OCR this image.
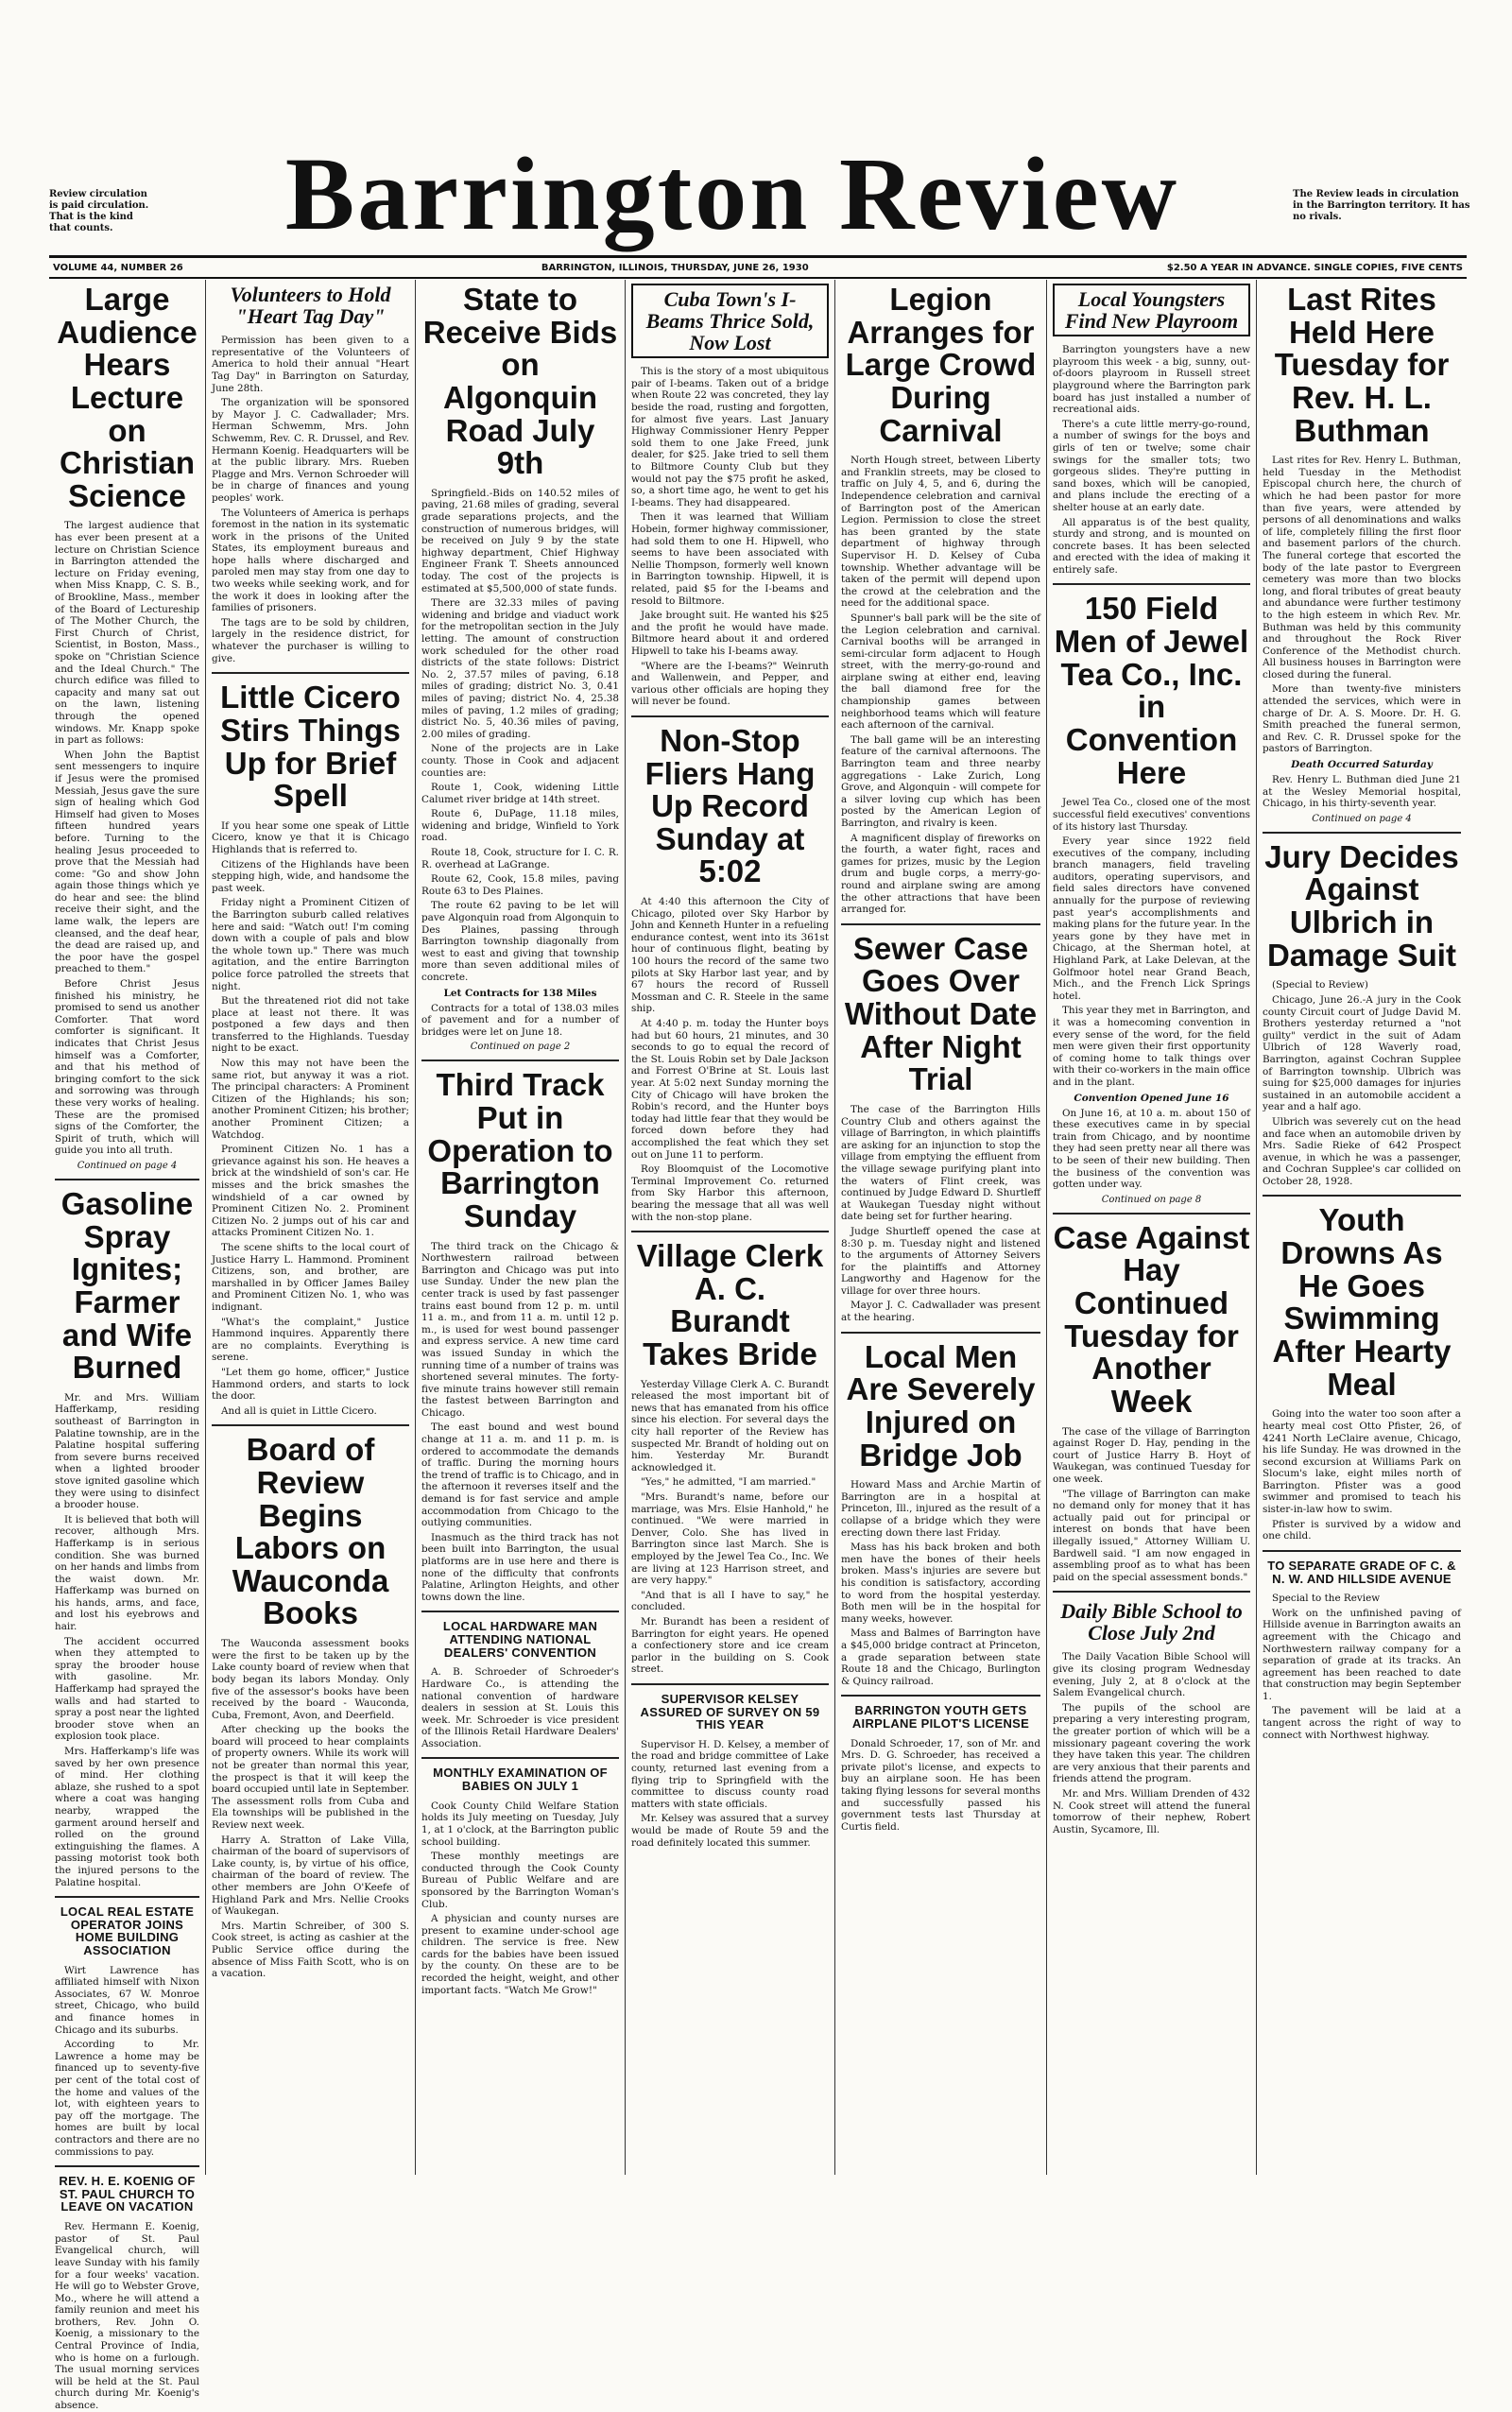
Review circulation is paid circulation. That is the kind that counts.	Barrington Review	The Review leads in circulation in the Barrington territory. It has no rivals.
VOLUME 44, NUMBER 26	BARRINGTON, ILLINOIS, THURSDAY, JUNE 26, 1930	$2.50 A YEAR IN ADVANCE. SINGLE COPIES, FIVE CENTS
Large Audience Hears Lecture on Christian Science

The largest audience that has ever been present at a lecture on Christian Science in Barrington attended the lecture on Friday evening, when Miss Knapp, C. S. B., of Brookline, Mass., member of the Board of Lectureship of The Mother Church, the First Church of Christ, Scientist, in Boston, Mass., spoke on "Christian Science and the Ideal Church." The church edifice was filled to capacity and many sat out on the lawn, listening through the opened windows. Mr. Knapp spoke in part as follows:

When John the Baptist sent messengers to inquire if Jesus were the promised Messiah, Jesus gave the sure sign of healing which God Himself had given to Moses fifteen hundred years before. Turning to the healing Jesus proceeded to prove that the Messiah had come: "Go and show John again those things which ye do hear and see: the blind receive their sight, and the lame walk, the lepers are cleansed, and the deaf hear, the dead are raised up, and the poor have the gospel preached to them."

Before Christ Jesus finished his ministry, he promised to send us another Comforter. That word comforter is significant. It indicates that Christ Jesus himself was a Comforter, and that his method of bringing comfort to the sick and sorrowing was through these very works of healing. These are the promised signs of the Comforter, the Spirit of truth, which will guide you into all truth.

Continued on page 4
Gasoline Spray Ignites; Farmer and Wife Burned

Mr. and Mrs. William Hafferkamp, residing southeast of Barrington in Palatine township, are in the Palatine hospital suffering from severe burns received when a lighted brooder stove ignited gasoline which they were using to disinfect a brooder house.

It is believed that both will recover, although Mrs. Hafferkamp is in serious condition. She was burned on her hands and limbs from the waist down. Mr. Hafferkamp was burned on his hands, arms, and face, and lost his eyebrows and hair.

The accident occurred when they attempted to spray the brooder house with gasoline. Mr. Hafferkamp had sprayed the walls and had started to spray a post near the lighted brooder stove when an explosion took place.

Mrs. Hafferkamp's life was saved by her own presence of mind. Her clothing ablaze, she rushed to a spot where a coat was hanging nearby, wrapped the garment around herself and rolled on the ground extinguishing the flames. A passing motorist took both the injured persons to the Palatine hospital.

LOCAL REAL ESTATE OPERATOR JOINS HOME BUILDING ASSOCIATION

Wirt Lawrence has affiliated himself with Nixon Associates, 67 W. Monroe street, Chicago, who build and finance homes in Chicago and its suburbs.

According to Mr. Lawrence a home may be financed up to seventy-five per cent of the total cost of the home and values of the lot, with eighteen years to pay off the mortgage. The homes are built by local contractors and there are no commissions to pay.

REV. H. E. KOENIG OF ST. PAUL CHURCH TO LEAVE ON VACATION

Rev. Hermann E. Koenig, pastor of St. Paul Evangelical church, will leave Sunday with his family for a four weeks' vacation. He will go to Webster Grove, Mo., where he will attend a family reunion and meet his brothers, Rev. John O. Koenig, a missionary to the Central Province of India, who is home on a furlough. The usual morning services will be held at the St. Paul church during Mr. Koenig's absence.

Volunteers to Hold "Heart Tag Day"

Permission has been given to a representative of the Volunteers of America to hold their annual "Heart Tag Day" in Barrington on Saturday, June 28th.

The organization will be sponsored by Mayor J. C. Cadwallader; Mrs. Herman Schwemm, Mrs. John Schwemm, Rev. C. R. Drussel, and Rev. Hermann Koenig. Headquarters will be at the public library. Mrs. Rueben Plagge and Mrs. Vernon Schroeder will be in charge of finances and young peoples' work.

The Volunteers of America is perhaps foremost in the nation in its systematic work in the prisons of the United States, its employment bureaus and hope halls where discharged and paroled men may stay from one day to two weeks while seeking work, and for the work it does in looking after the families of prisoners.

The tags are to be sold by children, largely in the residence district, for whatever the purchaser is willing to give.

Little Cicero Stirs Things Up for Brief Spell

If you hear some one speak of Little Cicero, know ye that it is Chicago Highlands that is referred to.

Citizens of the Highlands have been stepping high, wide, and handsome the past week.

Friday night a Prominent Citizen of the Barrington suburb called relatives here and said: "Watch out! I'm coming down with a couple of pals and blow the whole town up." There was much agitation, and the entire Barrington police force patrolled the streets that night.

But the threatened riot did not take place at least not there. It was postponed a few days and then transferred to the Highlands. Tuesday night to be exact.

Now this may not have been the same riot, but anyway it was a riot. The principal characters: A Prominent Citizen of the Highlands; his son; another Prominent Citizen; his brother; another Prominent Citizen; a Watchdog.

Prominent Citizen No. 1 has a grievance against his son. He heaves a brick at the windshield of son's car. He misses and the brick smashes the windshield of a car owned by Prominent Citizen No. 2. Prominent Citizen No. 2 jumps out of his car and attacks Prominent Citizen No. 1.

The scene shifts to the local court of Justice Harry L. Hammond. Prominent Citizens, son, and brother, are marshalled in by Officer James Bailey and Prominent Citizen No. 1, who was indignant.

"What's the complaint," Justice Hammond inquires. Apparently there are no complaints. Everything is serene.

"Let them go home, officer," Justice Hammond orders, and starts to lock the door.

And all is quiet in Little Cicero.

Board of Review Begins Labors on Wauconda Books

The Wauconda assessment books were the first to be taken up by the Lake county board of review when that body began its labors Monday. Only five of the assessor's books have been received by the board - Wauconda, Cuba, Fremont, Avon, and Deerfield.

After checking up the books the board will proceed to hear complaints of property owners. While its work will not be greater than normal this year, the prospect is that it will keep the board occupied until late in September. The assessment rolls from Cuba and Ela townships will be published in the Review next week.

Harry A. Stratton of Lake Villa, chairman of the board of supervisors of Lake county, is, by virtue of his office, chairman of the board of review. The other members are John O'Keefe of Highland Park and Mrs. Nellie Crooks of Waukegan.

Mrs. Martin Schreiber, of 300 S. Cook street, is acting as cashier at the Public Service office during the absence of Miss Faith Scott, who is on a vacation.

State to Receive Bids on Algonquin Road July 9th

Springfield.-Bids on 140.52 miles of paving, 21.68 miles of grading, several grade separations projects, and the construction of numerous bridges, will be received on July 9 by the state highway department, Chief Highway Engineer Frank T. Sheets announced today. The cost of the projects is estimated at $5,500,000 of state funds.

There are 32.33 miles of paving widening and bridge and viaduct work for the metropolitan section in the July letting. The amount of construction work scheduled for the other road districts of the state follows: District No. 2, 37.57 miles of paving, 6.18 miles of grading; district No. 3, 0.41 miles of paving; district No. 4, 25.38 miles of paving, 1.2 miles of grading; district No. 5, 40.36 miles of paving, 2.00 miles of grading.

None of the projects are in Lake county. Those in Cook and adjacent counties are:

Route 1, Cook, widening Little Calumet river bridge at 14th street.

Route 6, DuPage, 11.18 miles, widening and bridge, Winfield to York road.

Route 18, Cook, structure for I. C. R. R. overhead at LaGrange.

Route 62, Cook, 15.8 miles, paving Route 63 to Des Plaines.

The route 62 paving to be let will pave Algonquin road from Algonquin to Des Plaines, passing through Barrington township diagonally from west to east and giving that township more than seven additional miles of concrete.

Let Contracts for 138 Miles

Contracts for a total of 138.03 miles of pavement and for a number of bridges were let on June 18.

Continued on page 2
Third Track Put in Operation to Barrington Sunday

The third track on the Chicago & Northwestern railroad between Barrington and Chicago was put into use Sunday. Under the new plan the center track is used by fast passenger trains east bound from 12 p. m. until 11 a. m., and from 11 a. m. until 12 p. m., is used for west bound passenger and express service. A new time card was issued Sunday in which the running time of a number of trains was shortened several minutes. The forty-five minute trains however still remain the fastest between Barrington and Chicago.

The east bound and west bound change at 11 a. m. and 11 p. m. is ordered to accommodate the demands of traffic. During the morning hours the trend of traffic is to Chicago, and in the afternoon it reverses itself and the demand is for fast service and ample accommodation from Chicago to the outlying communities.

Inasmuch as the third track has not been built into Barrington, the usual platforms are in use here and there is none of the difficulty that confronts Palatine, Arlington Heights, and other towns down the line.

LOCAL HARDWARE MAN ATTENDING NATIONAL DEALERS' CONVENTION

A. B. Schroeder of Schroeder's Hardware Co., is attending the national convention of hardware dealers in session at St. Louis this week. Mr. Schroeder is vice president of the Illinois Retail Hardware Dealers' Association.

MONTHLY EXAMINATION OF BABIES ON JULY 1

Cook County Child Welfare Station holds its July meeting on Tuesday, July 1, at 1 o'clock, at the Barrington public school building.

These monthly meetings are conducted through the Cook County Bureau of Public Welfare and are sponsored by the Barrington Woman's Club.

A physician and county nurses are present to examine under-school age children. The service is free. New cards for the babies have been issued by the county. On these are to be recorded the height, weight, and other important facts. "Watch Me Grow!"

Cuba Town's I-Beams Thrice Sold, Now Lost

This is the story of a most ubiquitous pair of I-beams. Taken out of a bridge when Route 22 was concreted, they lay beside the road, rusting and forgotten, for almost five years. Last January Highway Commissioner Henry Pepper sold them to one Jake Freed, junk dealer, for $25. Jake tried to sell them to Biltmore County Club but they would not pay the $75 profit he asked, so, a short time ago, he went to get his I-beams. They had disappeared.

Then it was learned that William Hobein, former highway commissioner, had sold them to one H. Hipwell, who seems to have been associated with Nellie Thompson, formerly well known in Barrington township. Hipwell, it is related, paid $5 for the I-beams and resold to Biltmore.

Jake brought suit. He wanted his $25 and the profit he would have made. Biltmore heard about it and ordered Hipwell to take his I-beams away.

"Where are the I-beams?" Weinruth and Wallenwein, and Pepper, and various other officials are hoping they will never be found.

Non-Stop Fliers Hang Up Record Sunday at 5:02

At 4:40 this afternoon the City of Chicago, piloted over Sky Harbor by John and Kenneth Hunter in a refueling endurance contest, went into its 361st hour of continuous flight, beating by 100 hours the record of the same two pilots at Sky Harbor last year, and by 67 hours the record of Russell Mossman and C. R. Steele in the same ship.

At 4:40 p. m. today the Hunter boys had but 60 hours, 21 minutes, and 30 seconds to go to equal the record of the St. Louis Robin set by Dale Jackson and Forrest O'Brine at St. Louis last year. At 5:02 next Sunday morning the City of Chicago will have broken the Robin's record, and the Hunter boys today had little fear that they would be forced down before they had accomplished the feat which they set out on June 11 to perform.

Roy Bloomquist of the Locomotive Terminal Improvement Co. returned from Sky Harbor this afternoon, bearing the message that all was well with the non-stop plane.

Village Clerk A. C. Burandt Takes Bride

Yesterday Village Clerk A. C. Burandt released the most important bit of news that has emanated from his office since his election. For several days the city hall reporter of the Review has suspected Mr. Brandt of holding out on him. Yesterday Mr. Burandt acknowledged it.

"Yes," he admitted, "I am married."

"Mrs. Burandt's name, before our marriage, was Mrs. Elsie Hanhold," he continued. "We were married in Denver, Colo. She has lived in Barrington since last March. She is employed by the Jewel Tea Co., Inc. We are living at 123 Harrison street, and are very happy."

"And that is all I have to say," he concluded.

Mr. Burandt has been a resident of Barrington for eight years. He opened a confectionery store and ice cream parlor in the building on S. Cook street.

SUPERVISOR KELSEY ASSURED OF SURVEY ON 59 THIS YEAR

Supervisor H. D. Kelsey, a member of the road and bridge committee of Lake county, returned last evening from a flying trip to Springfield with the committee to discuss county road matters with state officials.

Mr. Kelsey was assured that a survey would be made of Route 59 and the road definitely located this summer.

Legion Arranges for Large Crowd During Carnival

North Hough street, between Liberty and Franklin streets, may be closed to traffic on July 4, 5, and 6, during the Independence celebration and carnival of Barrington post of the American Legion. Permission to close the street has been granted by the state department of highway through Supervisor H. D. Kelsey of Cuba township. Whether advantage will be taken of the permit will depend upon the crowd at the celebration and the need for the additional space.

Spunner's ball park will be the site of the Legion celebration and carnival. Carnival booths will be arranged in semi-circular form adjacent to Hough street, with the merry-go-round and airplane swing at either end, leaving the ball diamond free for the championship games between neighborhood teams which will feature each afternoon of the carnival.

The ball game will be an interesting feature of the carnival afternoons. The Barrington team and three nearby aggregations - Lake Zurich, Long Grove, and Algonquin - will compete for a silver loving cup which has been posted by the American Legion of Barrington, and rivalry is keen.

A magnificent display of fireworks on the fourth, a water fight, races and games for prizes, music by the Legion drum and bugle corps, a merry-go-round and airplane swing are among the other attractions that have been arranged for.

Sewer Case Goes Over Without Date After Night Trial

The case of the Barrington Hills Country Club and others against the village of Barrington, in which plaintiffs are asking for an injunction to stop the village from emptying the effluent from the village sewage purifying plant into the waters of Flint creek, was continued by Judge Edward D. Shurtleff at Waukegan Tuesday night without date being set for further hearing.

Judge Shurtleff opened the case at 8:30 p. m. Tuesday night and listened to the arguments of Attorney Seivers for the plaintiffs and Attorney Langworthy and Hagenow for the village for over three hours.

Mayor J. C. Cadwallader was present at the hearing.

Local Men Are Severely Injured on Bridge Job

Howard Mass and Archie Martin of Barrington are in a hospital at Princeton, Ill., injured as the result of a collapse of a bridge which they were erecting down there last Friday.

Mass has his back broken and both men have the bones of their heels broken. Mass's injuries are severe but his condition is satisfactory, according to word from the hospital yesterday. Both men will be in the hospital for many weeks, however.

Mass and Balmes of Barrington have a $45,000 bridge contract at Princeton, a grade separation between state Route 18 and the Chicago, Burlington & Quincy railroad.

BARRINGTON YOUTH GETS AIRPLANE PILOT'S LICENSE

Donald Schroeder, 17, son of Mr. and Mrs. D. G. Schroeder, has received a private pilot's license, and expects to buy an airplane soon. He has been taking flying lessons for several months and successfully passed his government tests last Thursday at Curtis field.

Local Youngsters Find New Playroom

Barrington youngsters have a new playroom this week - a big, sunny, out-of-doors playroom in Russell street playground where the Barrington park board has just installed a number of recreational aids.

There's a cute little merry-go-round, a number of swings for the boys and girls of ten or twelve; some chair swings for the smaller tots; two gorgeous slides. They're putting in sand boxes, which will be canopied, and plans include the erecting of a shelter house at an early date.

All apparatus is of the best quality, sturdy and strong, and is mounted on concrete bases. It has been selected and erected with the idea of making it entirely safe.

150 Field Men of Jewel Tea Co., Inc. in Convention Here

Jewel Tea Co., closed one of the most successful field executives' conventions of its history last Thursday.

Every year since 1922 field executives of the company, including branch managers, field traveling auditors, operating supervisors, and field sales directors have convened annually for the purpose of reviewing past year's accomplishments and making plans for the future year. In the years gone by they have met in Chicago, at the Sherman hotel, at Highland Park, at Lake Delevan, at the Golfmoor hotel near Grand Beach, Mich., and the French Lick Springs hotel.

This year they met in Barrington, and it was a homecoming convention in every sense of the word, for the field men were given their first opportunity of coming home to talk things over with their co-workers in the main office and in the plant.

Convention Opened June 16

On June 16, at 10 a. m. about 150 of these executives came in by special train from Chicago, and by noontime they had seen pretty near all there was to be seen of their new building. Then the business of the convention was gotten under way.

Continued on page 8
Case Against Hay Continued Tuesday for Another Week

The case of the village of Barrington against Roger D. Hay, pending in the court of Justice Harry B. Hoyt of Waukegan, was continued Tuesday for one week.

"The village of Barrington can make no demand only for money that it has actually paid out for principal or interest on bonds that have been illegally issued," Attorney William U. Bardwell said. "I am now engaged in assembling proof as to what has been paid on the special assessment bonds."

Daily Bible School to Close July 2nd

The Daily Vacation Bible School will give its closing program Wednesday evening, July 2, at 8 o'clock at the Salem Evangelical church.

The pupils of the school are preparing a very interesting program, the greater portion of which will be a missionary pageant covering the work they have taken this year. The children are very anxious that their parents and friends attend the program.

Mr. and Mrs. William Drenden of 432 N. Cook street will attend the funeral tomorrow of their nephew, Robert Austin, Sycamore, Ill.

Last Rites Held Here Tuesday for Rev. H. L. Buthman

Last rites for Rev. Henry L. Buthman, held Tuesday in the Methodist Episcopal church here, the church of which he had been pastor for more than five years, were attended by persons of all denominations and walks of life, completely filling the first floor and basement parlors of the church. The funeral cortege that escorted the body of the late pastor to Evergreen cemetery was more than two blocks long, and floral tributes of great beauty and abundance were further testimony to the high esteem in which Rev. Mr. Buthman was held by this community and throughout the Rock River Conference of the Methodist church. All business houses in Barrington were closed during the funeral.

More than twenty-five ministers attended the services, which were in charge of Dr. A. S. Moore. Dr. H. G. Smith preached the funeral sermon, and Rev. C. R. Drussel spoke for the pastors of Barrington.

Death Occurred Saturday

Rev. Henry L. Buthman died June 21 at the Wesley Memorial hospital, Chicago, in his thirty-seventh year.

Continued on page 4
Jury Decides Against Ulbrich in Damage Suit

(Special to Review)

Chicago, June 26.-A jury in the Cook county Circuit court of Judge David M. Brothers yesterday returned a "not guilty" verdict in the suit of Adam Ulbrich of 128 Waverly road, Barrington, against Cochran Supplee of Barrington township. Ulbrich was suing for $25,000 damages for injuries sustained in an automobile accident a year and a half ago.

Ulbrich was severely cut on the head and face when an automobile driven by Mrs. Sadie Rieke of 642 Prospect avenue, in which he was a passenger, and Cochran Supplee's car collided on October 28, 1928.

Youth Drowns As He Goes Swimming After Hearty Meal

Going into the water too soon after a hearty meal cost Otto Pfister, 26, of 4241 North LeClaire avenue, Chicago, his life Sunday. He was drowned in the second excursion at Williams Park on Slocum's lake, eight miles north of Barrington. Pfister was a good swimmer and promised to teach his sister-in-law how to swim.

Pfister is survived by a widow and one child.

TO SEPARATE GRADE OF C. & N. W. AND HILLSIDE AVENUE

Special to the Review

Work on the unfinished paving of Hillside avenue in Barrington awaits an agreement with the Chicago and Northwestern railway company for a separation of grade at its tracks. An agreement has been reached to date that construction may begin September 1.

The pavement will be laid at a tangent across the right of way to connect with Northwest highway.
